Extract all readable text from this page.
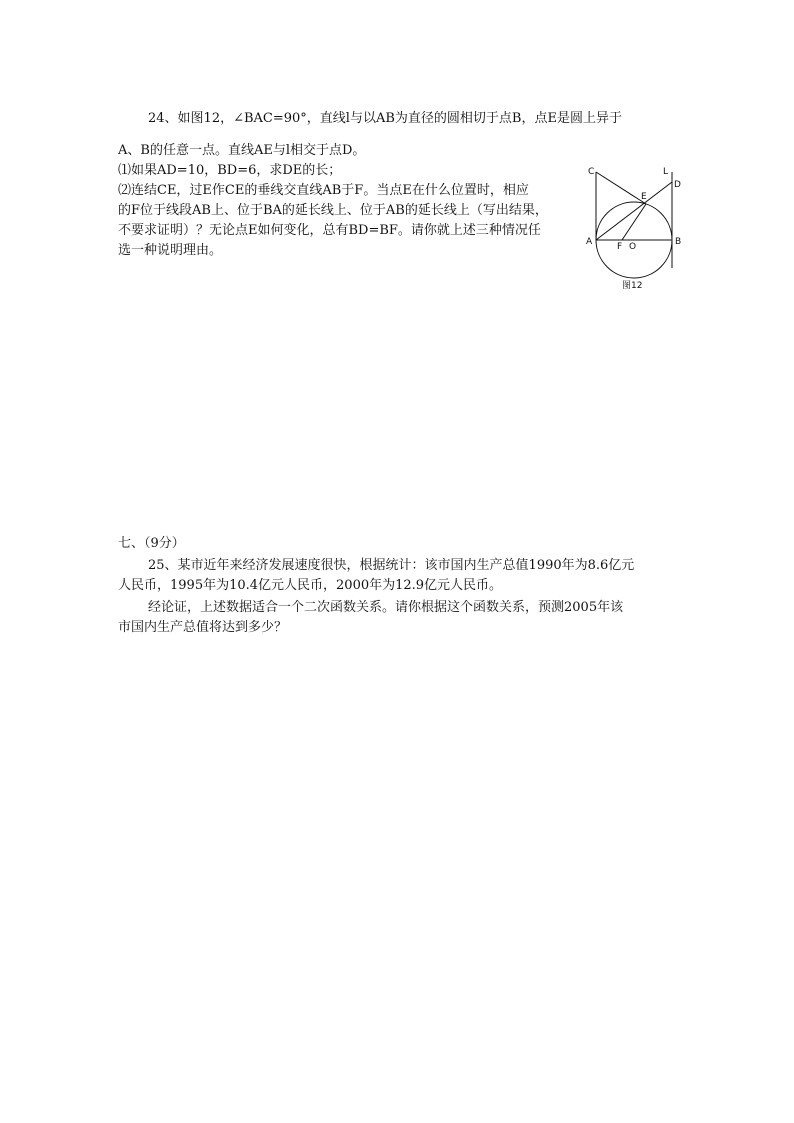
24、如图12，∠BAC=90°，直线l与以AB为直径的圆相切于点B，点E是圆上异于
A、B的任意一点。直线AE与l相交于点D。
⑴如果AD=10，BD=6，求DE的长；
⑵连结CE，过E作CE的垂线交直线AB于F。当点E在什么位置时，相应
的F位于线段AB上、位于BA的延长线上、位于AB的延长线上（写出结果，
不要求证明）？无论点E如何变化，总有BD=BF。请你就上述三种情况任
选一种说明理由。
C	L
D
E
A	F O	B
图12
七、（9分）
25、某市近年来经济发展速度很快，根据统计：该市国内生产总值1990年为8.6亿元
人民币，1995年为10.4亿元人民币，2000年为12.9亿元人民币。
经论证，上述数据适合一个二次函数关系。请你根据这个函数关系，预测2005年该
市国内生产总值将达到多少？
